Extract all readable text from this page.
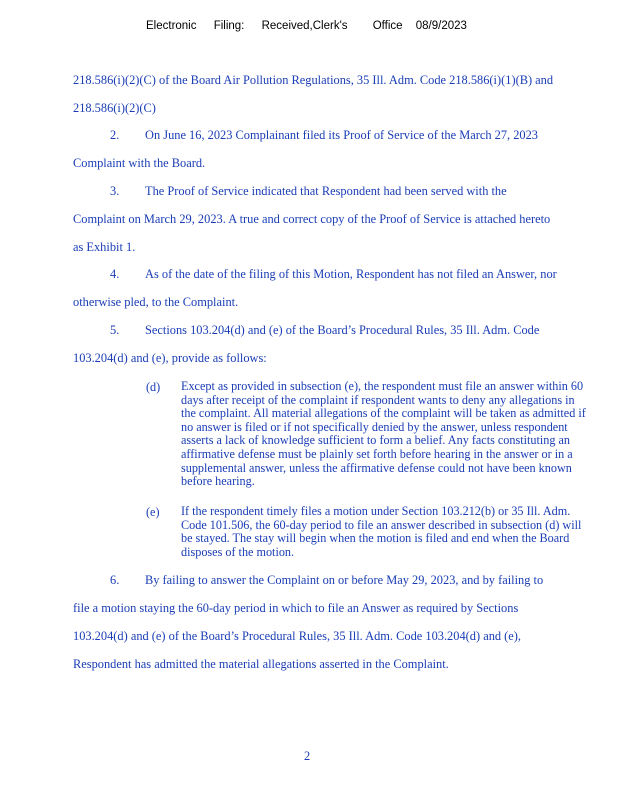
Electronic Filing: Received,Clerk's Office 08/9/2023
218.586(i)(2)(C) of the Board Air Pollution Regulations, 35 Ill. Adm. Code 218.586(i)(1)(B) and
218.586(i)(2)(C)
2. On June 16, 2023 Complainant filed its Proof of Service of the March 27, 2023
Complaint with the Board.
3. The Proof of Service indicated that Respondent had been served with the
Complaint on March 29, 2023. A true and correct copy of the Proof of Service is attached hereto
as Exhibit 1.
4. As of the date of the filing of this Motion, Respondent has not filed an Answer, nor
otherwise pled, to the Complaint.
5. Sections 103.204(d) and (e) of the Board’s Procedural Rules, 35 Ill. Adm. Code
103.204(d) and (e), provide as follows:
(d) Except as provided in subsection (e), the respondent must file an answer within 60 days after receipt of the complaint if respondent wants to deny any allegations in the complaint. All material allegations of the complaint will be taken as admitted if no answer is filed or if not specifically denied by the answer, unless respondent asserts a lack of knowledge sufficient to form a belief. Any facts constituting an affirmative defense must be plainly set forth before hearing in the answer or in a supplemental answer, unless the affirmative defense could not have been known before hearing.
(e) If the respondent timely files a motion under Section 103.212(b) or 35 Ill. Adm. Code 101.506, the 60-day period to file an answer described in subsection (d) will be stayed. The stay will begin when the motion is filed and end when the Board disposes of the motion.
6. By failing to answer the Complaint on or before May 29, 2023, and by failing to
file a motion staying the 60-day period in which to file an Answer as required by Sections
103.204(d) and (e) of the Board’s Procedural Rules, 35 Ill. Adm. Code 103.204(d) and (e),
Respondent has admitted the material allegations asserted in the Complaint.
2
